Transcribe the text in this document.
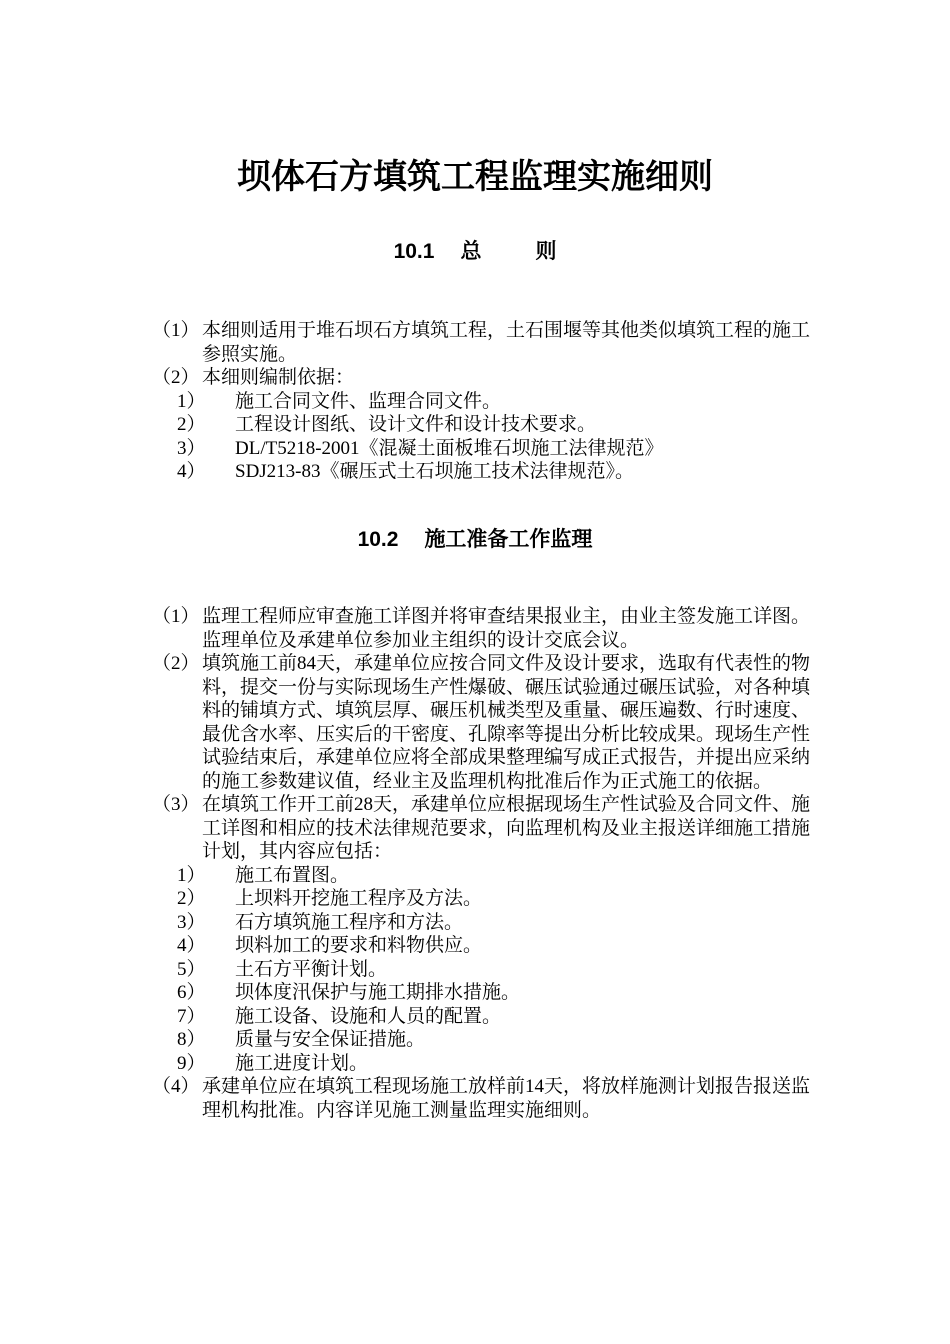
坝体石方填筑工程监理实施细则
10.1 总	则

（1） 本细则适用于堆石坝石方填筑工程，土石围堰等其他类似填筑工程的施工参照实施。

（2） 本细则编制依据：

1） 施工合同文件、监理合同文件。

2） 工程设计图纸、设计文件和设计技术要求。

3） DL/T5218-2001《混凝土面板堆石坝施工法律规范》

4） SDJ213-83《碾压式土石坝施工技术法律规范》。

10.2 施工准备工作监理

（1） 监理工程师应审查施工详图并将审查结果报业主，由业主签发施工详图。监理单位及承建单位参加业主组织的设计交底会议。

（2） 填筑施工前84天，承建单位应按合同文件及设计要求，选取有代表性的物料，提交一份与实际现场生产性爆破、碾压试验通过碾压试验，对各种填料的铺填方式、填筑层厚、碾压机械类型及重量、碾压遍数、行时速度、最优含水率、压实后的干密度、孔隙率等提出分析比较成果。现场生产性试验结束后，承建单位应将全部成果整理编写成正式报告，并提出应采纳的施工参数建议值，经业主及监理机构批准后作为正式施工的依据。

（3） 在填筑工作开工前28天，承建单位应根据现场生产性试验及合同文件、施工详图和相应的技术法律规范要求，向监理机构及业主报送详细施工措施计划，其内容应包括：

1） 施工布置图。

2） 上坝料开挖施工程序及方法。

3） 石方填筑施工程序和方法。

4） 坝料加工的要求和料物供应。

5） 土石方平衡计划。

6） 坝体度汛保护与施工期排水措施。

7） 施工设备、设施和人员的配置。

8） 质量与安全保证措施。

9） 施工进度计划。

（4） 承建单位应在填筑工程现场施工放样前14天，将放样施测计划报告报送监理机构批准。内容详见施工测量监理实施细则。
